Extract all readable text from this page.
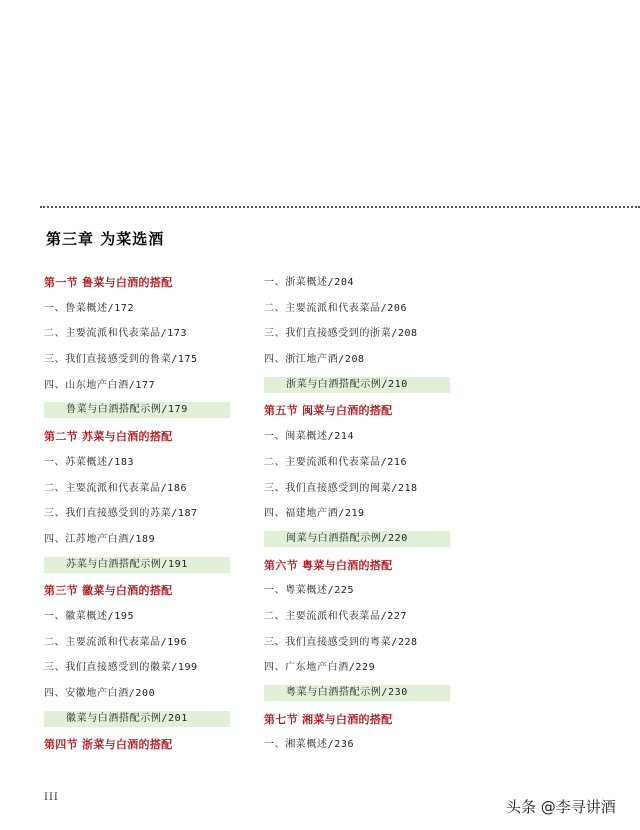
第三章 为菜选酒
第一节 鲁菜与白酒的搭配
一、鲁菜概述/172
二、主要流派和代表菜品/173
三、我们直接感受到的鲁菜/175
四、山东地产白酒/177
鲁菜与白酒搭配示例/179
第二节 苏菜与白酒的搭配
一、苏菜概述/183
二、主要流派和代表菜品/186
三、我们直接感受到的苏菜/187
四、江苏地产白酒/189
苏菜与白酒搭配示例/191
第三节 徽菜与白酒的搭配
一、徽菜概述/195
二、主要流派和代表菜品/196
三、我们直接感受到的徽菜/199
四、安徽地产白酒/200
徽菜与白酒搭配示例/201
第四节 浙菜与白酒的搭配
一、浙菜概述/204
二、主要流派和代表菜品/206
三、我们直接感受到的浙菜/208
四、浙江地产酒/208
浙菜与白酒搭配示例/210
第五节 闽菜与白酒的搭配
一、闽菜概述/214
二、主要流派和代表菜品/216
三、我们直接感受到的闽菜/218
四、福建地产酒/219
闽菜与白酒搭配示例/220
第六节 粤菜与白酒的搭配
一、粤菜概述/225
二、主要流派和代表菜品/227
三、我们直接感受到的粤菜/228
四、广东地产白酒/229
粤菜与白酒搭配示例/230
第七节 湘菜与白酒的搭配
一、湘菜概述/236
III
头条 @李寻讲酒
